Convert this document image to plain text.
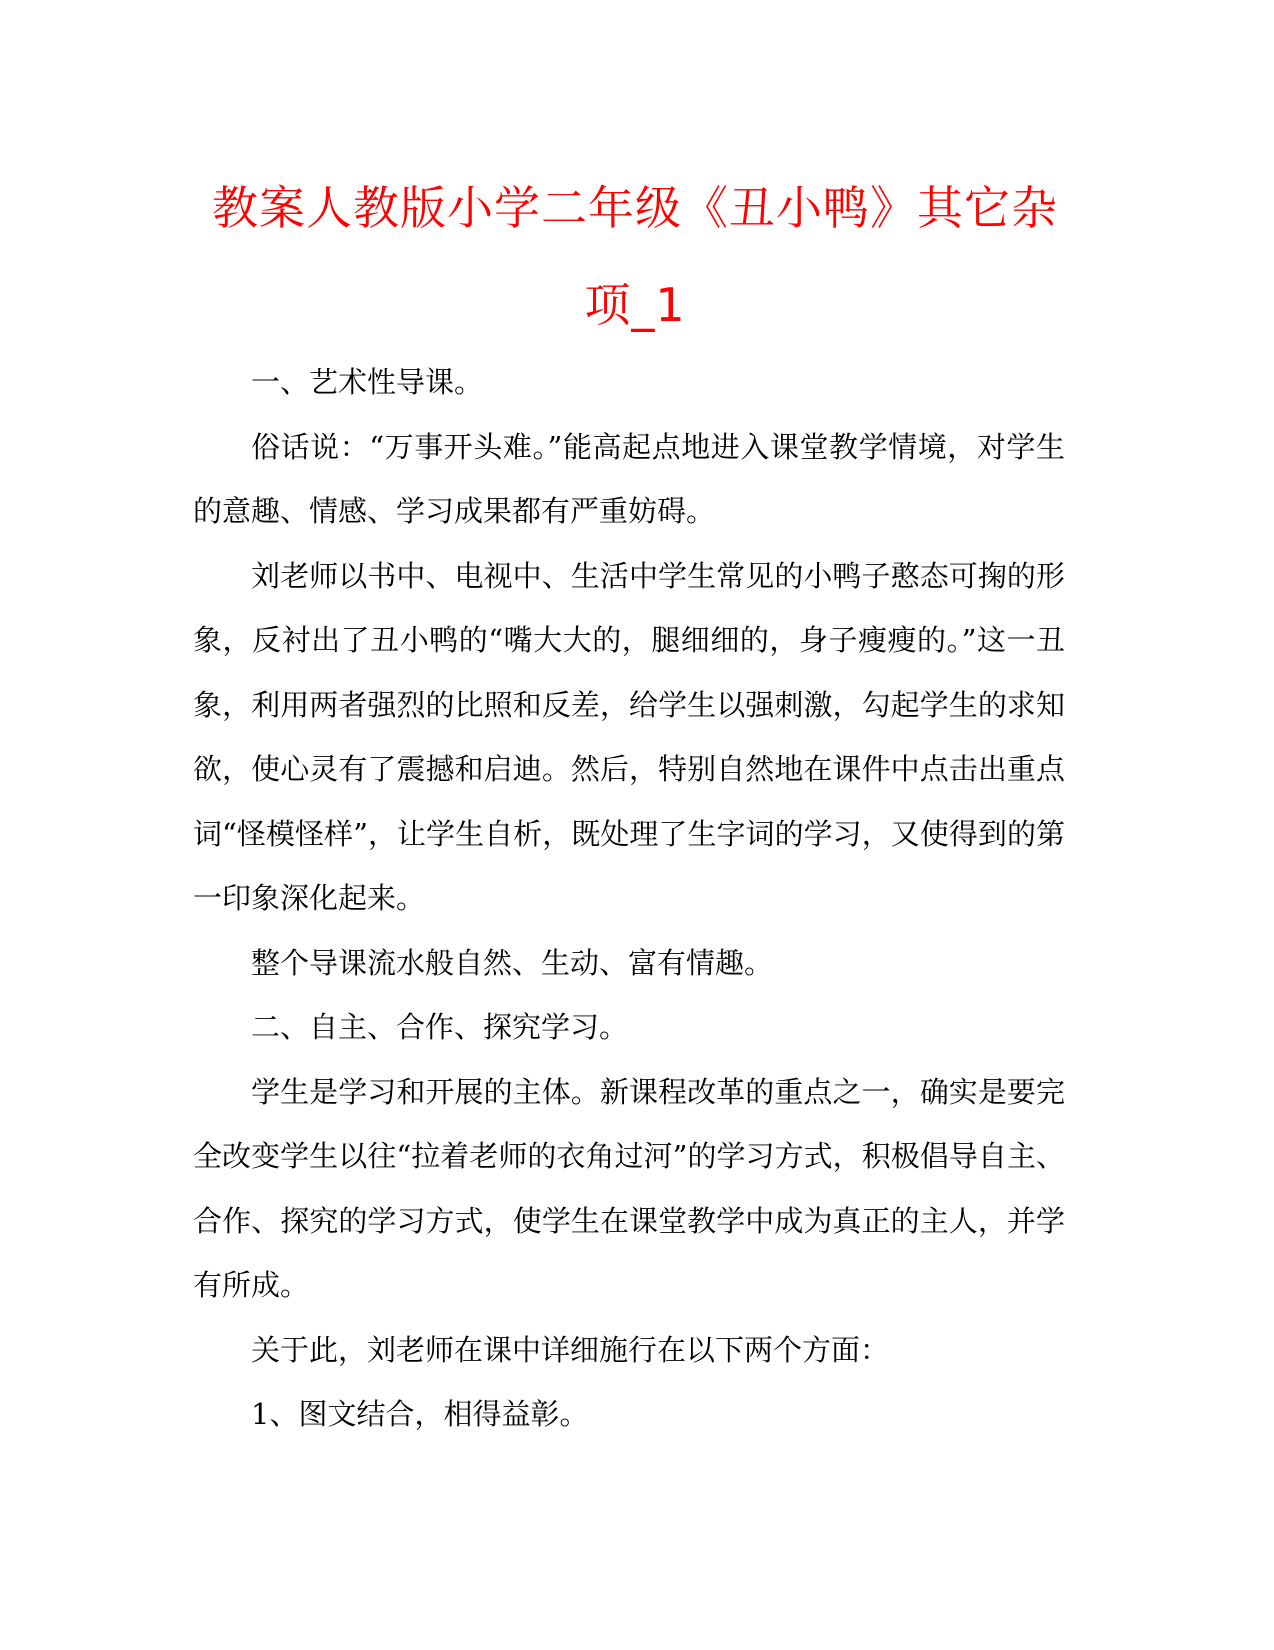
教案人教版小学二年级《丑小鸭》其它杂项_1

一、艺术性导课。

俗话说：“万事开头难。”能高起点地进入课堂教学情境，对学生的意趣、情感、学习成果都有严重妨碍。

刘老师以书中、电视中、生活中学生常见的小鸭子憨态可掬的形象，反衬出了丑小鸭的“嘴大大的，腿细细的，身子瘦瘦的。”这一丑象，利用两者强烈的比照和反差，给学生以强刺激，勾起学生的求知欲，使心灵有了震撼和启迪。然后，特别自然地在课件中点击出重点词“怪模怪样”，让学生自析，既处理了生字词的学习，又使得到的第一印象深化起来。

整个导课流水般自然、生动、富有情趣。

二、自主、合作、探究学习。

学生是学习和开展的主体。新课程改革的重点之一，确实是要完全改变学生以往“拉着老师的衣角过河”的学习方式，积极倡导自主、合作、探究的学习方式，使学生在课堂教学中成为真正的主人，并学有所成。

关于此，刘老师在课中详细施行在以下两个方面：

1、图文结合，相得益彰。
